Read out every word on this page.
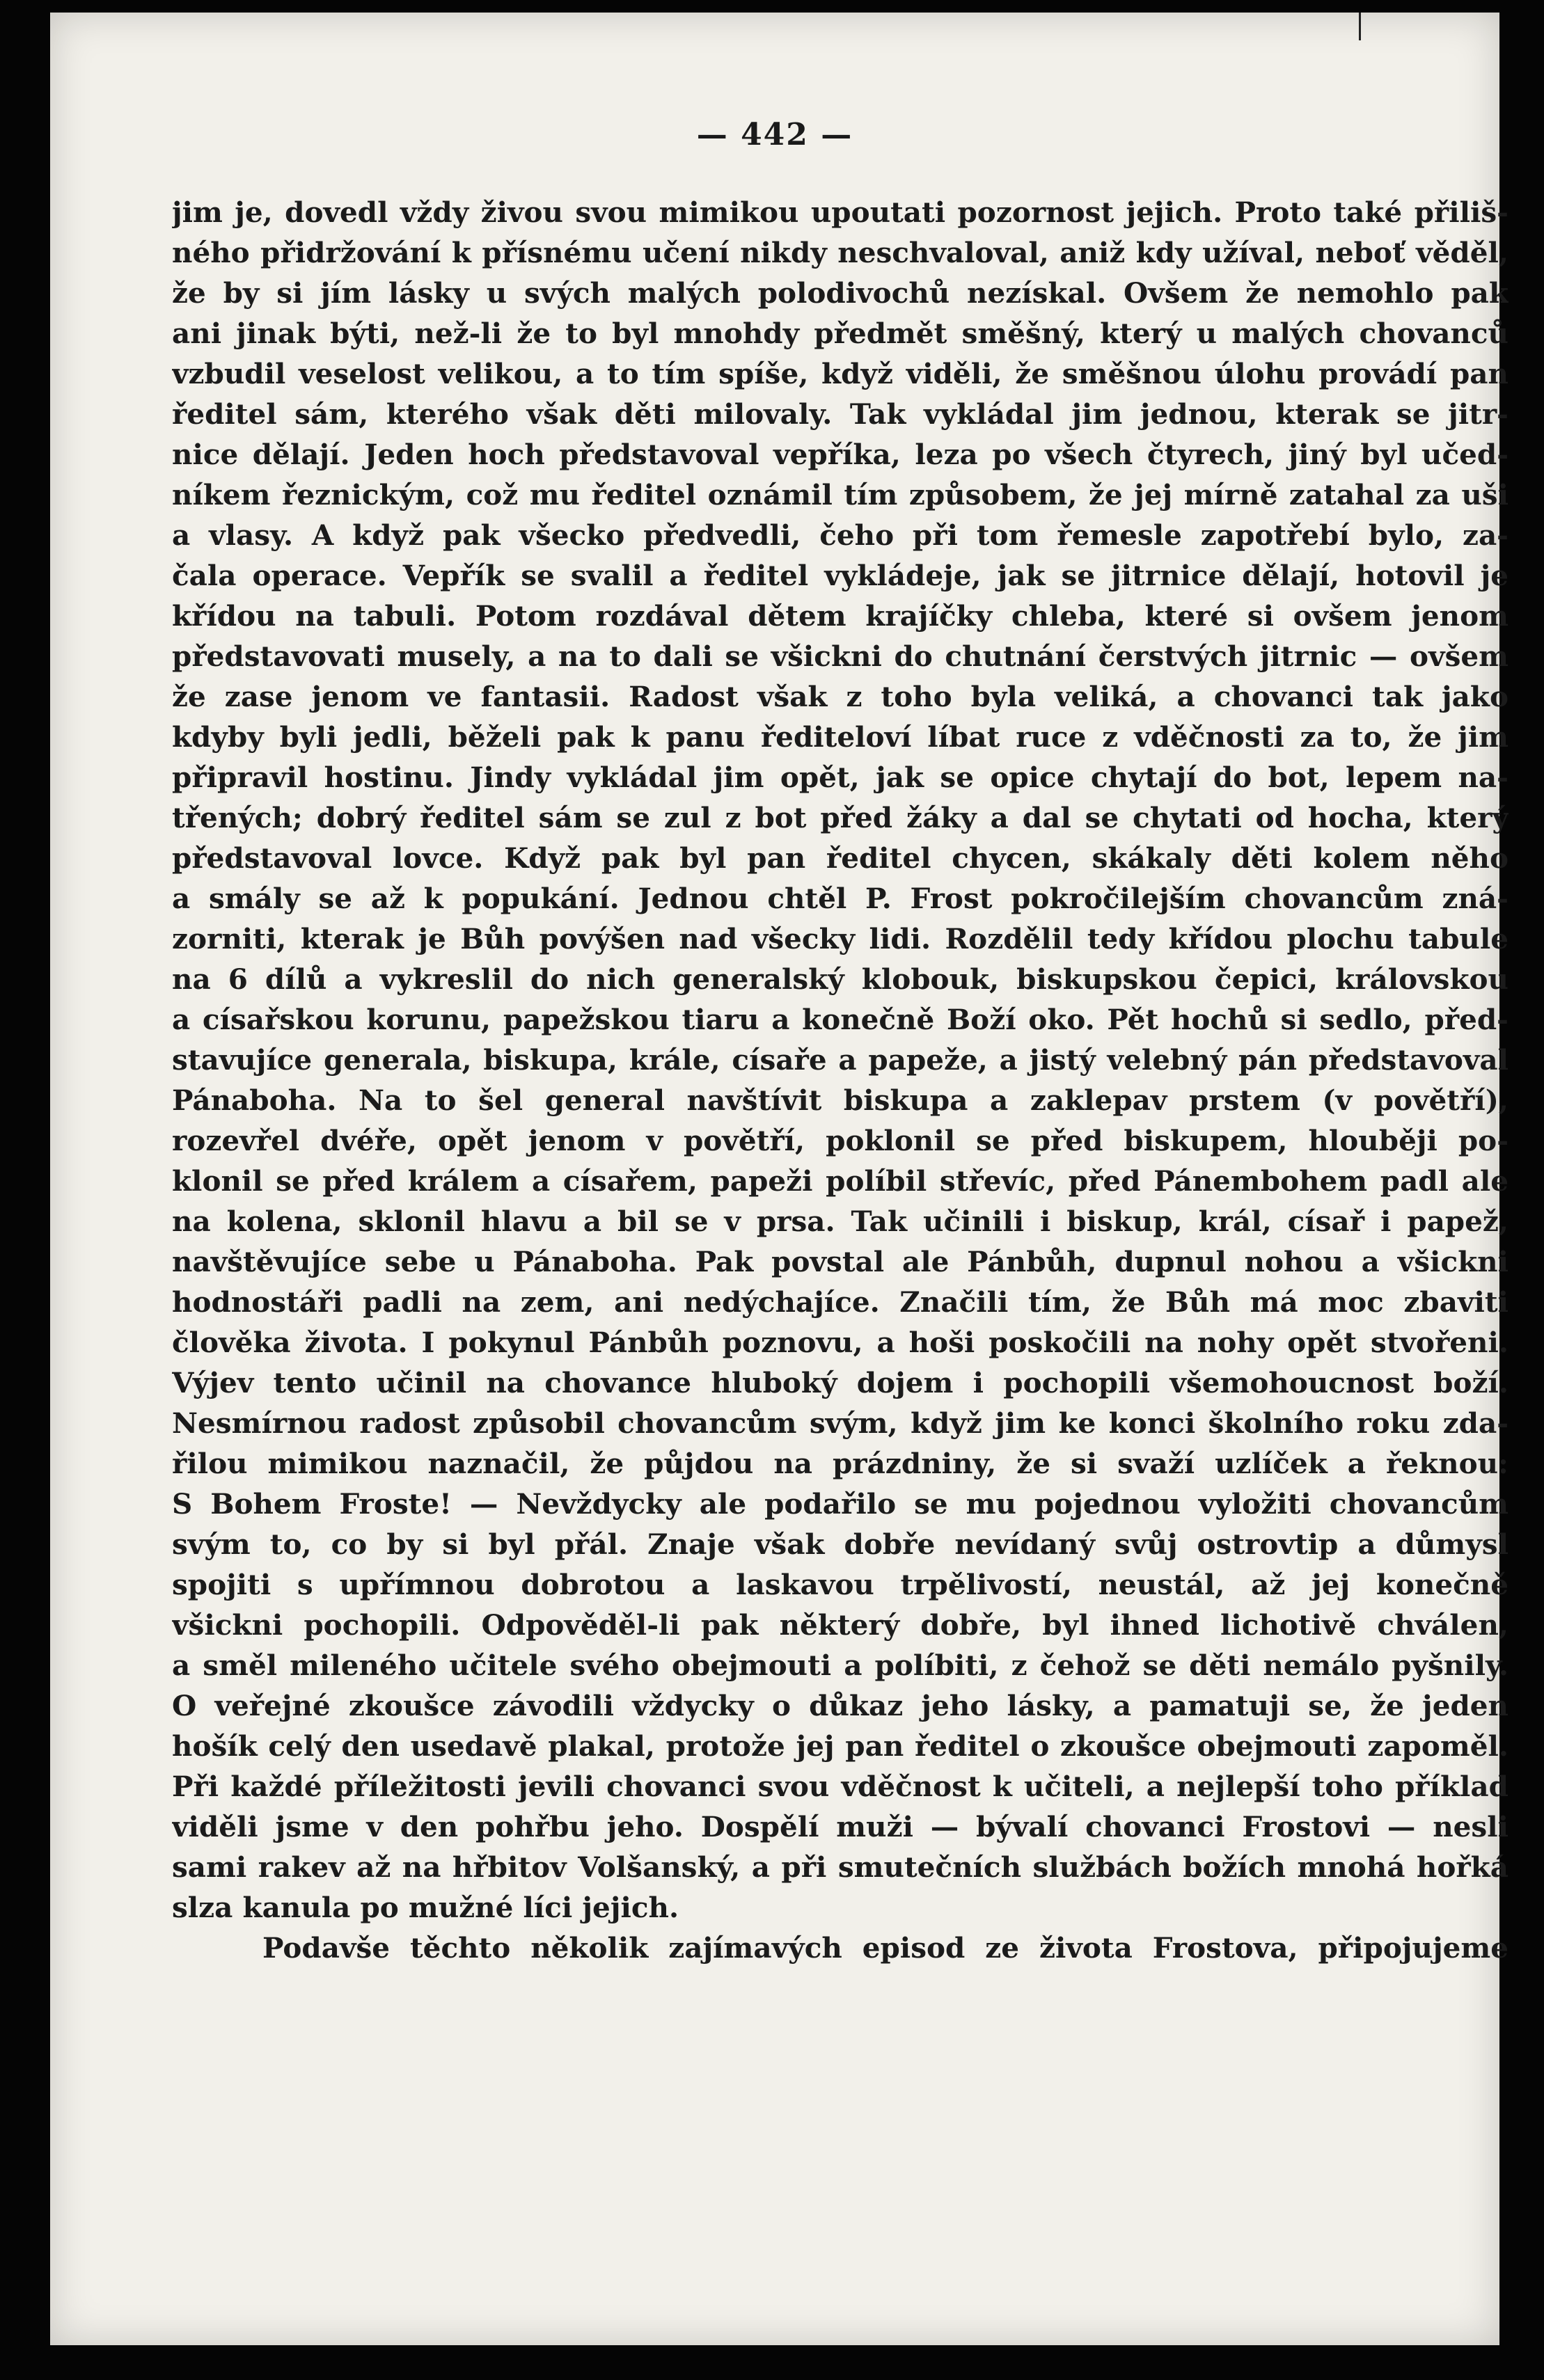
— 442 —
jim je, dovedl vždy živou svou mimikou upoutati pozornost jejich. Proto také přiliš-
ného přidržování k přísnému učení nikdy neschvaloval, aniž kdy užíval, neboť věděl,
že by si jím lásky u svých malých polodivochů nezískal. Ovšem že nemohlo pak
ani jinak býti, než-li že to byl mnohdy předmět směšný, který u malých chovanců
vzbudil veselost velikou, a to tím spíše, když viděli, že směšnou úlohu provádí pan
ředitel sám, kterého však děti milovaly. Tak vykládal jim jednou, kterak se jitr-
nice dělají. Jeden hoch představoval vepříka, leza po všech čtyrech, jiný byl učed-
níkem řeznickým, což mu ředitel oznámil tím způsobem, že jej mírně zatahal za uši
a vlasy. A když pak všecko předvedli, čeho při tom řemesle zapotřebí bylo, za-
čala operace. Vepřík se svalil a ředitel vykládeje, jak se jitrnice dělají, hotovil je
křídou na tabuli. Potom rozdával dětem krajíčky chleba, které si ovšem jenom
představovati musely, a na to dali se všickni do chutnání čerstvých jitrnic — ovšem
že zase jenom ve fantasii. Radost však z toho byla veliká, a chovanci tak jako
kdyby byli jedli, běželi pak k panu řediteloví líbat ruce z vděčnosti za to, že jim
připravil hostinu. Jindy vykládal jim opět, jak se opice chytají do bot, lepem na-
třených; dobrý ředitel sám se zul z bot před žáky a dal se chytati od hocha, který
představoval lovce. Když pak byl pan ředitel chycen, skákaly děti kolem něho
a smály se až k popukání. Jednou chtěl P. Frost pokročilejším chovancům zná-
zorniti, kterak je Bůh povýšen nad všecky lidi. Rozdělil tedy křídou plochu tabule
na 6 dílů a vykreslil do nich generalský klobouk, biskupskou čepici, královskou
a císařskou korunu, papežskou tiaru a konečně Boží oko. Pět hochů si sedlo, před-
stavujíce generala, biskupa, krále, císaře a papeže, a jistý velebný pán představoval
Pánaboha. Na to šel general navštívit biskupa a zaklepav prstem (v povětří),
rozevřel dvéře, opět jenom v povětří, poklonil se před biskupem, hlouběji po-
klonil se před králem a císařem, papeži políbil střevíc, před Pánembohem padl ale
na kolena, sklonil hlavu a bil se v prsa. Tak učinili i biskup, král, císař i papež,
navštěvujíce sebe u Pánaboha. Pak povstal ale Pánbůh, dupnul nohou a všickni
hodnostáři padli na zem, ani nedýchajíce. Značili tím, že Bůh má moc zbaviti
člověka života. I pokynul Pánbůh poznovu, a hoši poskočili na nohy opět stvořeni.
Výjev tento učinil na chovance hluboký dojem i pochopili všemohoucnost boží.
Nesmírnou radost způsobil chovancům svým, když jim ke konci školního roku zda-
řilou mimikou naznačil, že půjdou na prázdniny, že si svaží uzlíček a řeknou:
S Bohem Froste! — Nevždycky ale podařilo se mu pojednou vyložiti chovancům
svým to, co by si byl přál. Znaje však dobře nevídaný svůj ostrovtip a důmysl
spojiti s upřímnou dobrotou a laskavou trpělivostí, neustál, až jej konečně
všickni pochopili. Odpověděl-li pak některý dobře, byl ihned lichotivě chválen,
a směl mileného učitele svého obejmouti a políbiti, z čehož se děti nemálo pyšnily.
O veřejné zkoušce závodili vždycky o důkaz jeho lásky, a pamatuji se, že jeden
hošík celý den usedavě plakal, protože jej pan ředitel o zkoušce obejmouti zapoměl.
Při každé příležitosti jevili chovanci svou vděčnost k učiteli, a nejlepší toho příklad
viděli jsme v den pohřbu jeho. Dospělí muži — bývalí chovanci Frostovi — nesli
sami rakev až na hřbitov Volšanský, a při smutečních službách božích mnohá hořká
slza kanula po mužné líci jejich.
Podavše těchto několik zajímavých episod ze života Frostova, připojujeme
